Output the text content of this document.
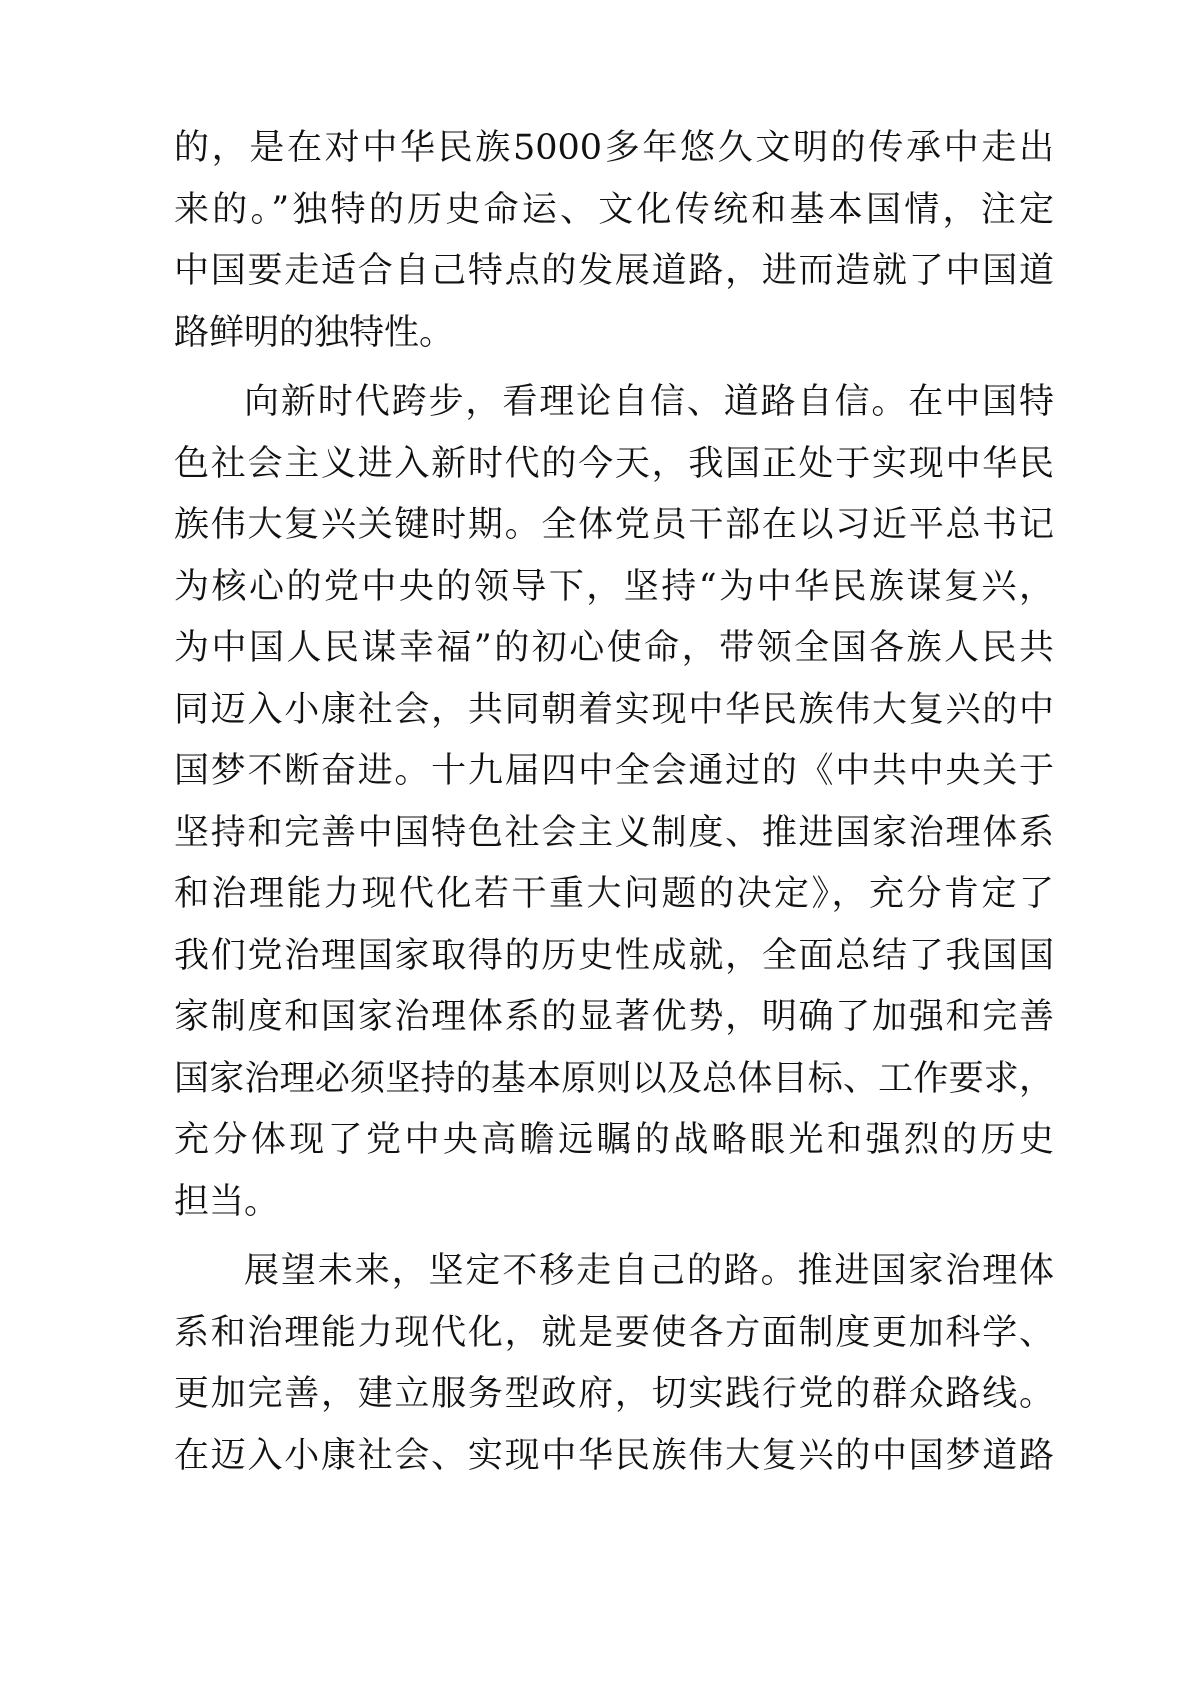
的，是在对中华民族5000多年悠久文明的传承中走出
来的。”独特的历史命运、文化传统和基本国情，注定
中国要走适合自己特点的发展道路，进而造就了中国道
路鲜明的独特性。
向新时代跨步，看理论自信、道路自信。在中国特
色社会主义进入新时代的今天，我国正处于实现中华民
族伟大复兴关键时期。全体党员干部在以习近平总书记
为核心的党中央的领导下，坚持“为中华民族谋复兴，
为中国人民谋幸福”的初心使命，带领全国各族人民共
同迈入小康社会，共同朝着实现中华民族伟大复兴的中
国梦不断奋进。十九届四中全会通过的《中共中央关于
坚持和完善中国特色社会主义制度、推进国家治理体系
和治理能力现代化若干重大问题的决定》，充分肯定了
我们党治理国家取得的历史性成就，全面总结了我国国
家制度和国家治理体系的显著优势，明确了加强和完善
国家治理必须坚持的基本原则以及总体目标、工作要求，
充分体现了党中央高瞻远瞩的战略眼光和强烈的历史
担当。
展望未来，坚定不移走自己的路。推进国家治理体
系和治理能力现代化，就是要使各方面制度更加科学、
更加完善，建立服务型政府，切实践行党的群众路线。
在迈入小康社会、实现中华民族伟大复兴的中国梦道路
